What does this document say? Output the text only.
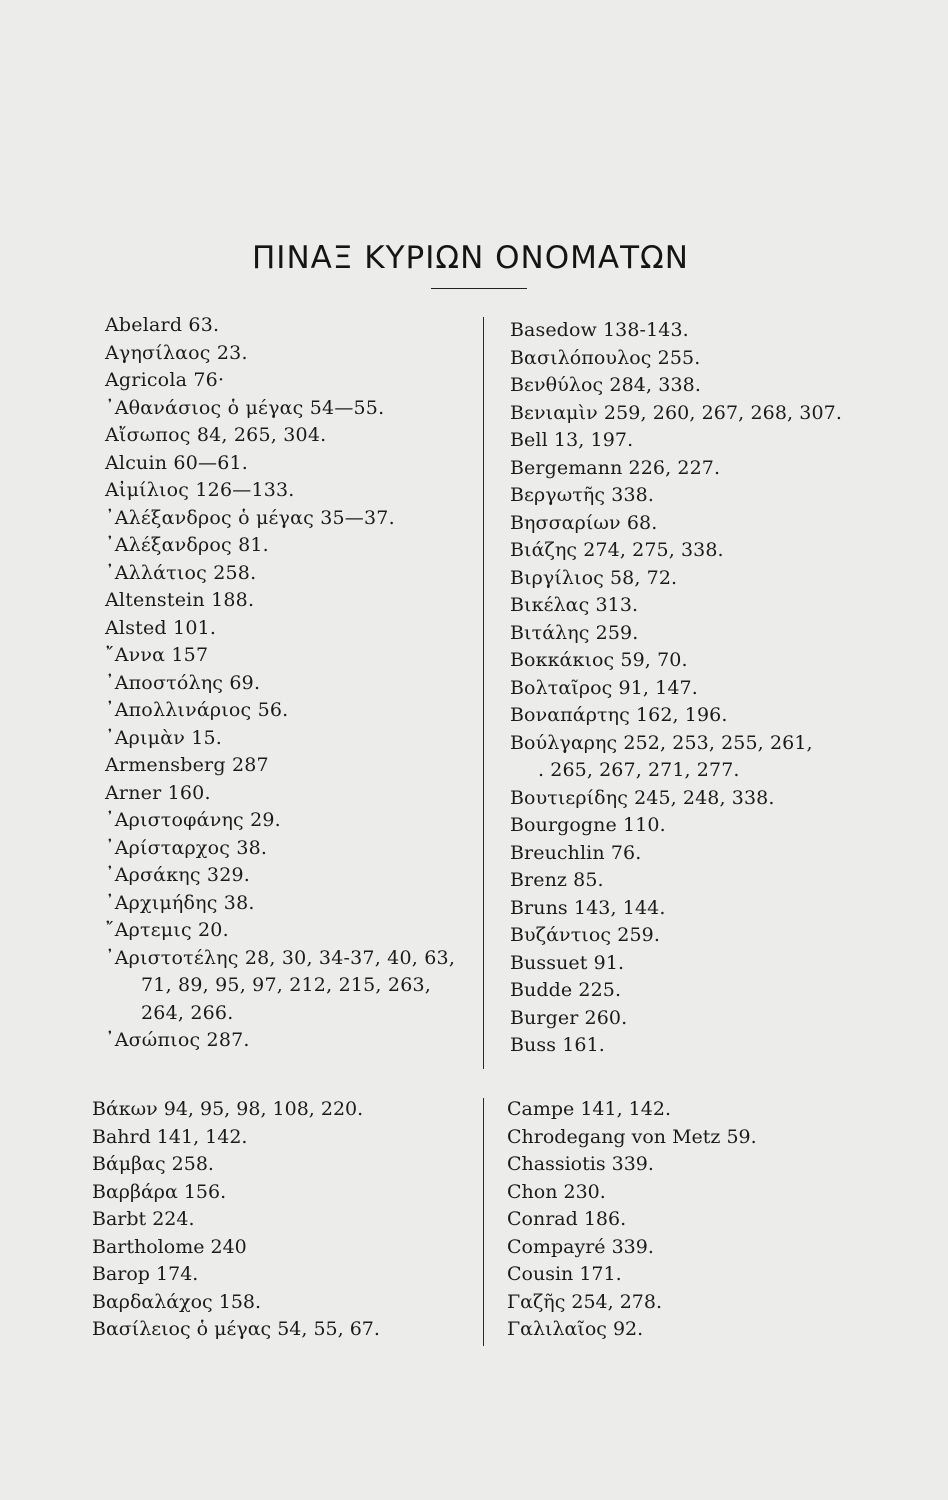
ΠΙΝΑΞ ΚΥΡΙΩΝ ΟΝΟΜΑΤΩΝ
Abelard 63.
Αγησίλαος 23.
Agricola 76·
᾿Αθανάσιος ὁ μέγας 54—55.
Αἴσωπος 84, 265, 304.
Alcuin 60—61.
Αἰμίλιος 126—133.
᾿Αλέξανδρος ὁ μέγας 35—37.
᾿Αλέξανδρος 81.
᾿Αλλάτιος 258.
Altenstein 188.
Alsted 101.
῎Αννα 157
᾿Αποστόλης 69.
᾿Απολλινάριος 56.
᾿Αριμὰν 15.
Armensberg 287
Arner 160.
᾿Αριστοφάνης 29.
᾿Αρίσταρχος 38.
᾿Αρσάκης 329.
᾿Αρχιμήδης 38.
῎Αρτεμις 20.
᾿Αριστοτέλης 28, 30, 34-37, 40, 63,
71, 89, 95, 97, 212, 215, 263,
264, 266.
᾿Ασώπιος 287.
Basedow 138-143.
Βασιλόπουλος 255.
Βενθύλος 284, 338.
Βενιαμὶν 259, 260, 267, 268, 307.
Bell 13, 197.
Bergemann 226, 227.
Βεργωτῆς 338.
Βησσαρίων 68.
Βιάζης 274, 275, 338.
Βιργίλιος 58, 72.
Βικέλας 313.
Βιτάλης 259.
Βοκκάκιος 59, 70.
Βολταῖρος 91, 147.
Βοναπάρτης 162, 196.
Βούλγαρης 252, 253, 255, 261,
. 265, 267, 271, 277.
Βουτιερίδης 245, 248, 338.
Bourgogne 110.
Breuchlin 76.
Brenz 85.
Bruns 143, 144.
Βυζάντιος 259.
Bussuet 91.
Budde 225.
Burger 260.
Buss 161.
Βάκων 94, 95, 98, 108, 220.
Bahrd 141, 142.
Βάμβας 258.
Βαρβάρα 156.
Barbt 224.
Bartholome 240
Barop 174.
Βαρδαλάχος 158.
Βασίλειος ὁ μέγας 54, 55, 67.
Campe 141, 142.
Chrodegang von Metz 59.
Chassiotis 339.
Chon 230.
Conrad 186.
Compayré 339.
Cousin 171.
Γαζῆς 254, 278.
Γαλιλαῖος 92.
